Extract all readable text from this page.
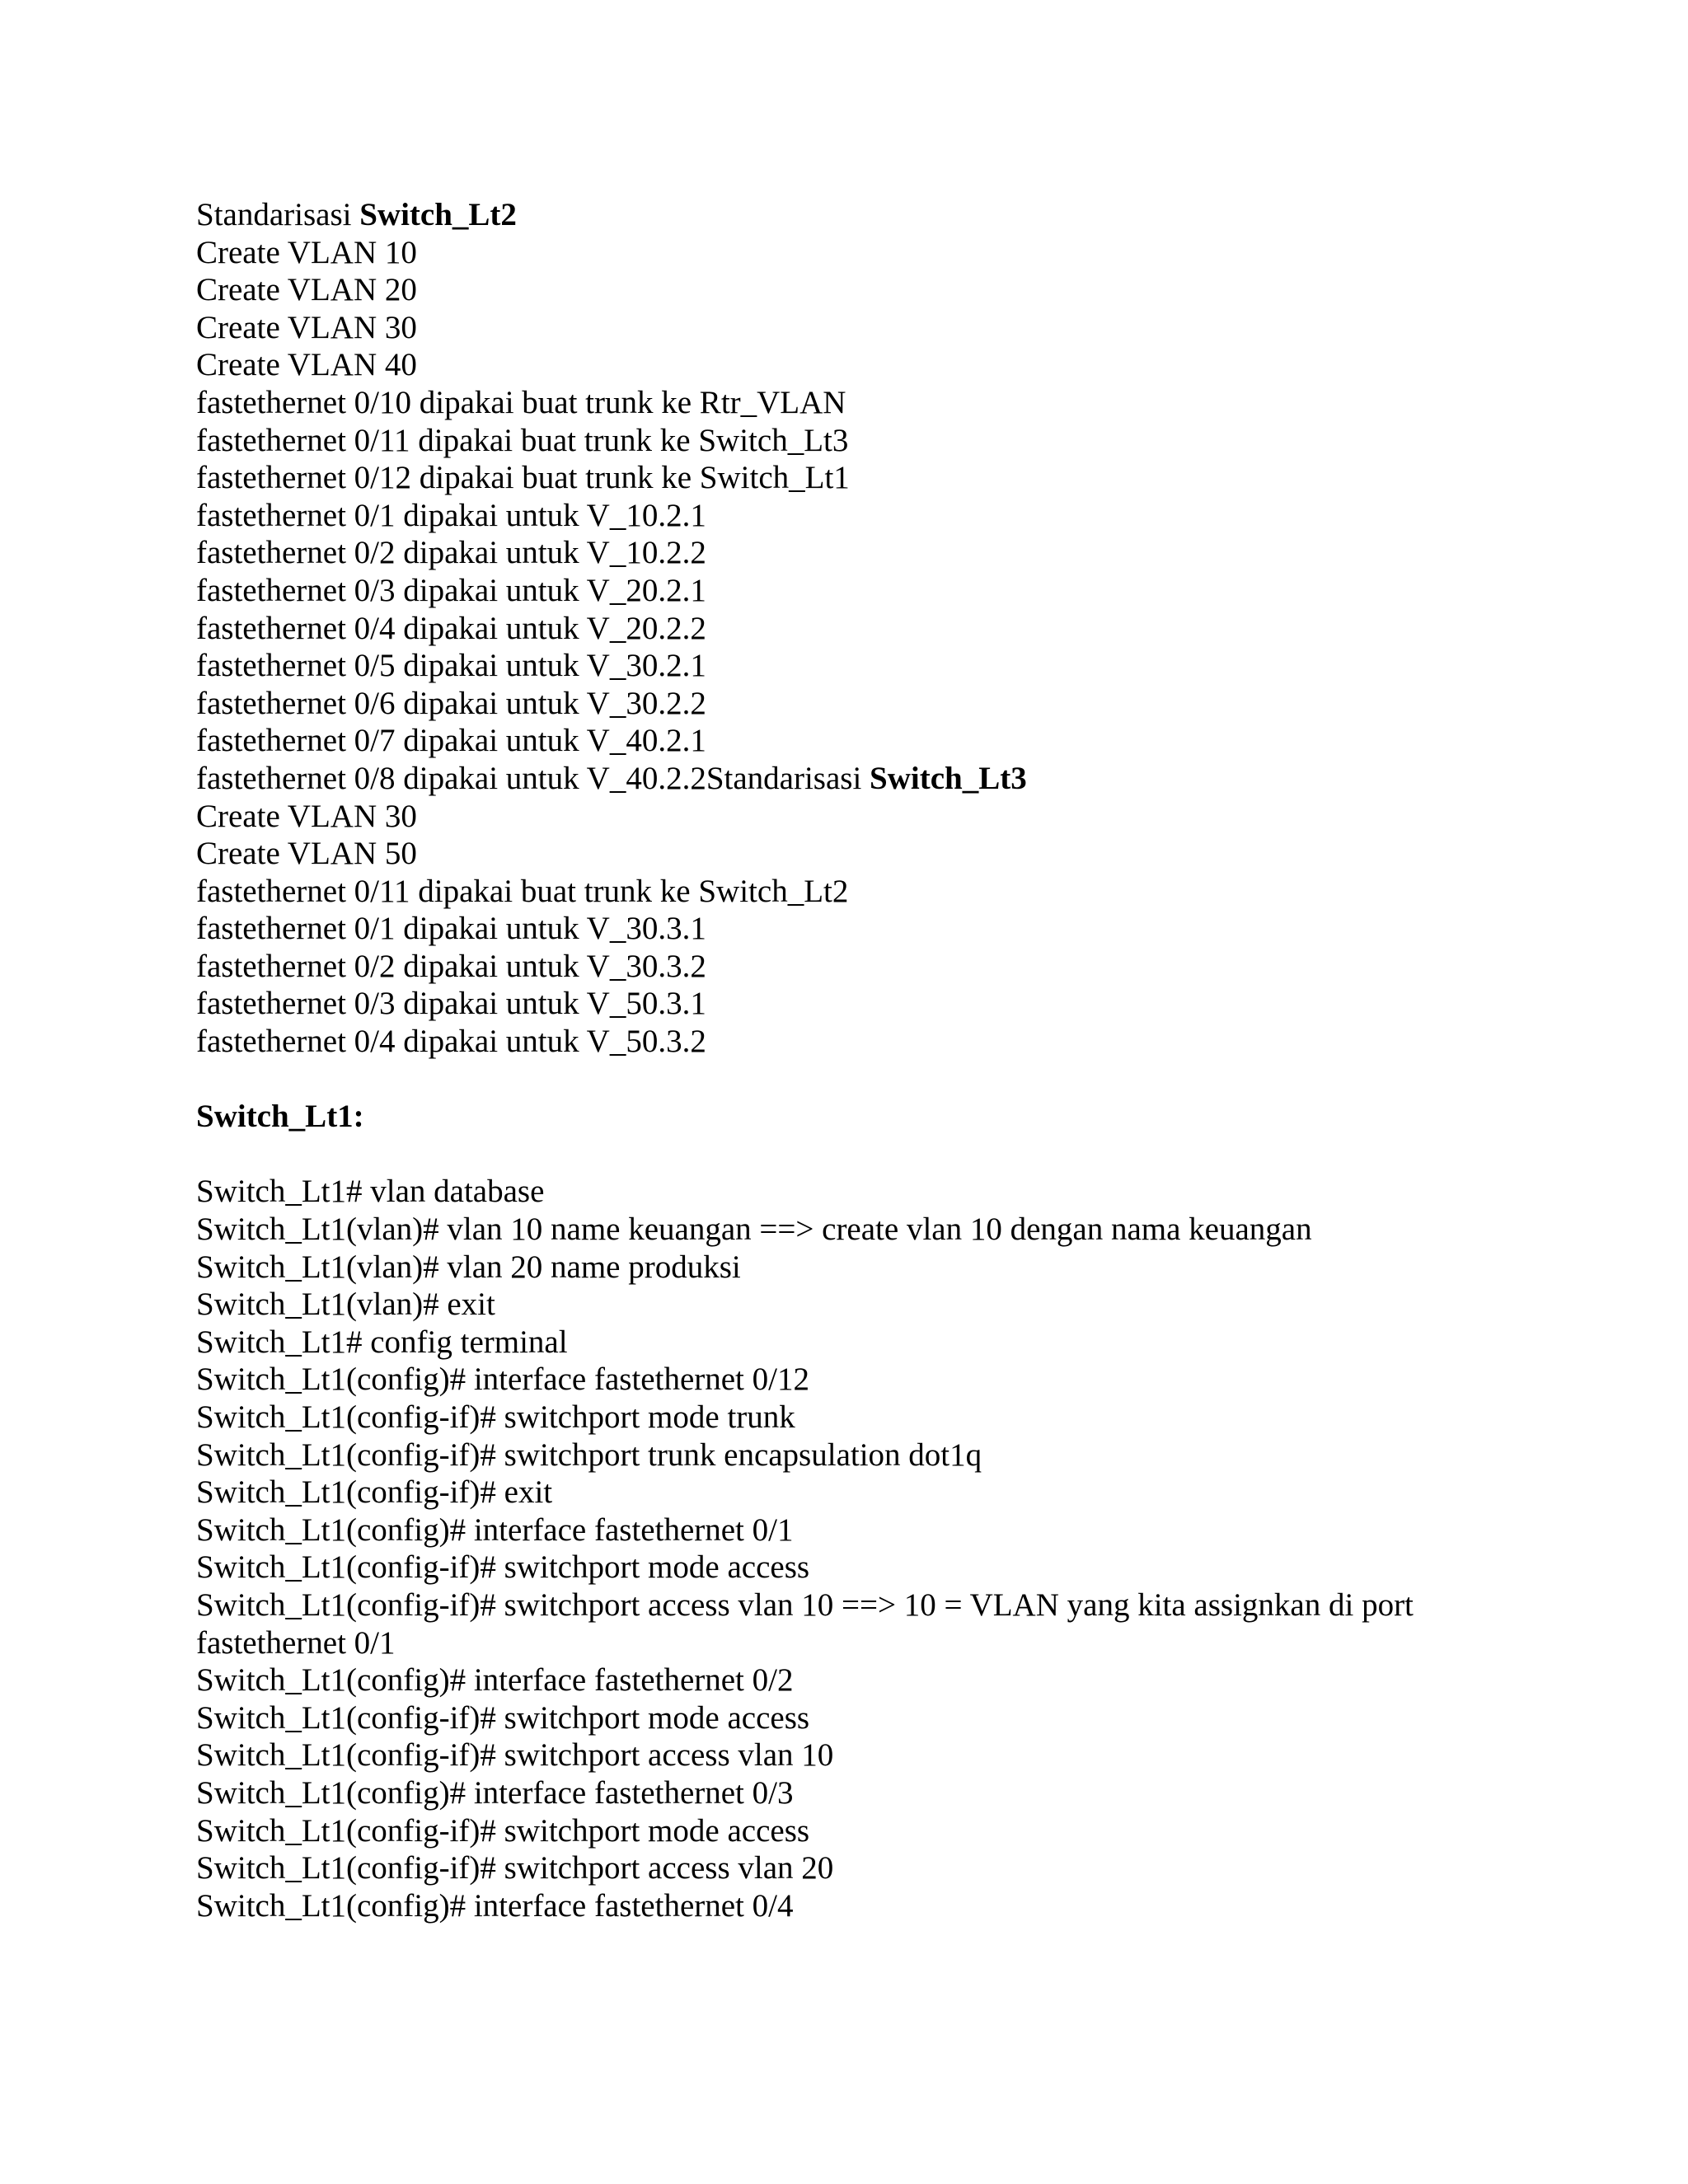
Standarisasi Switch_Lt2
Create VLAN 10
Create VLAN 20
Create VLAN 30
Create VLAN 40
fastethernet 0/10 dipakai buat trunk ke Rtr_VLAN
fastethernet 0/11 dipakai buat trunk ke Switch_Lt3
fastethernet 0/12 dipakai buat trunk ke Switch_Lt1
fastethernet 0/1 dipakai untuk V_10.2.1
fastethernet 0/2 dipakai untuk V_10.2.2
fastethernet 0/3 dipakai untuk V_20.2.1
fastethernet 0/4 dipakai untuk V_20.2.2
fastethernet 0/5 dipakai untuk V_30.2.1
fastethernet 0/6 dipakai untuk V_30.2.2
fastethernet 0/7 dipakai untuk V_40.2.1
fastethernet 0/8 dipakai untuk V_40.2.2Standarisasi Switch_Lt3
Create VLAN 30
Create VLAN 50
fastethernet 0/11 dipakai buat trunk ke Switch_Lt2
fastethernet 0/1 dipakai untuk V_30.3.1
fastethernet 0/2 dipakai untuk V_30.3.2
fastethernet 0/3 dipakai untuk V_50.3.1
fastethernet 0/4 dipakai untuk V_50.3.2
Switch_Lt1:
Switch_Lt1# vlan database
Switch_Lt1(vlan)# vlan 10 name keuangan ==> create vlan 10 dengan nama keuangan
Switch_Lt1(vlan)# vlan 20 name produksi
Switch_Lt1(vlan)# exit
Switch_Lt1# config terminal
Switch_Lt1(config)# interface fastethernet 0/12
Switch_Lt1(config-if)# switchport mode trunk
Switch_Lt1(config-if)# switchport trunk encapsulation dot1q
Switch_Lt1(config-if)# exit
Switch_Lt1(config)# interface fastethernet 0/1
Switch_Lt1(config-if)# switchport mode access
Switch_Lt1(config-if)# switchport access vlan 10 ==> 10 = VLAN yang kita assignkan di port
fastethernet 0/1
Switch_Lt1(config)# interface fastethernet 0/2
Switch_Lt1(config-if)# switchport mode access
Switch_Lt1(config-if)# switchport access vlan 10
Switch_Lt1(config)# interface fastethernet 0/3
Switch_Lt1(config-if)# switchport mode access
Switch_Lt1(config-if)# switchport access vlan 20
Switch_Lt1(config)# interface fastethernet 0/4
